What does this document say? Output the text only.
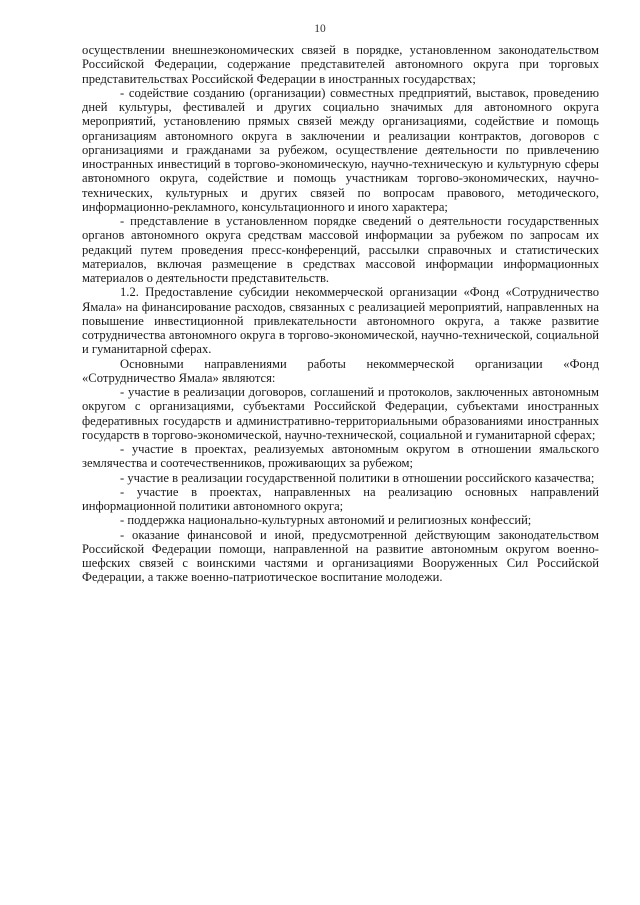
10

осуществлении внешнеэкономических связей в порядке, установленном законодательством Российской Федерации, содержание представителей автономного округа при торговых представительствах Российской Федерации в иностранных государствах;

- содействие созданию (организации) совместных предприятий, выставок, проведению дней культуры, фестивалей и других социально значимых для автономного округа мероприятий, установлению прямых связей между организациями, содействие и помощь организациям автономного округа в заключении и реализации контрактов, договоров с организациями и гражданами за рубежом, осуществление деятельности по привлечению иностранных инвестиций в торгово-экономическую, научно-техническую и культурную сферы автономного округа, содействие и помощь участникам торгово-экономических, научно-технических, культурных и других связей по вопросам правового, методического, информационно-рекламного, консультационного и иного характера;

- представление в установленном порядке сведений о деятельности государственных органов автономного округа средствам массовой информации за рубежом по запросам их редакций путем проведения пресс-конференций, рассылки справочных и статистических материалов, включая размещение в средствах массовой информации информационных материалов о деятельности представительств.

1.2. Предоставление субсидии некоммерческой организации «Фонд «Сотрудничество Ямала» на финансирование расходов, связанных с реализацией мероприятий, направленных на повышение инвестиционной привлекательности автономного округа, а также развитие сотрудничества автономного округа в торгово-экономической, научно-технической, социальной и гуманитарной сферах.

Основными направлениями работы некоммерческой организации «Фонд «Сотрудничество Ямала» являются:

- участие в реализации договоров, соглашений и протоколов, заключенных автономным округом с организациями, субъектами Российской Федерации, субъектами иностранных федеративных государств и административно-территориальными образованиями иностранных государств в торгово-экономической, научно-технической, социальной и гуманитарной сферах;

- участие в проектах, реализуемых автономным округом в отношении ямальского землячества и соотечественников, проживающих за рубежом;

- участие в реализации государственной политики в отношении российского казачества;

- участие в проектах, направленных на реализацию основных направлений информационной политики автономного округа;

- поддержка национально-культурных автономий и религиозных конфессий;

- оказание финансовой и иной, предусмотренной действующим законодательством Российской Федерации помощи, направленной на развитие автономным округом военно-шефских связей с воинскими частями и организациями Вооруженных Сил Российской Федерации, а также военно-патриотическое воспитание молодежи.
